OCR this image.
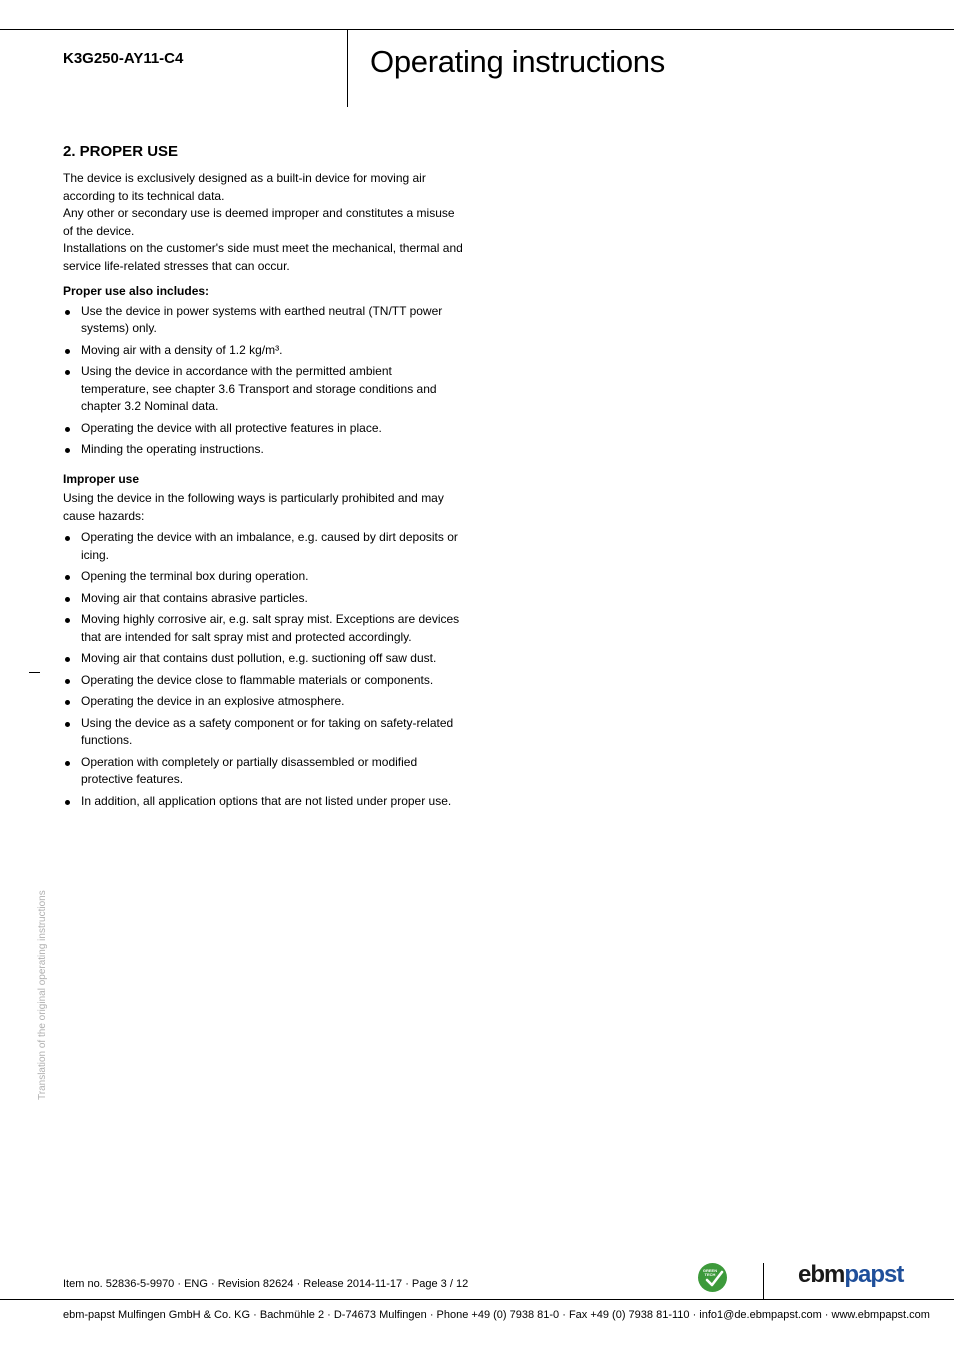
K3G250-AY11-C4	Operating instructions
2. PROPER USE

The device is exclusively designed as a built-in device for moving air according to its technical data.

Any other or secondary use is deemed improper and constitutes a misuse of the device.

Installations on the customer's side must meet the mechanical, thermal and service life-related stresses that can occur.

Proper use also includes:

Use the device in power systems with earthed neutral (TN/TT power systems) only.
Moving air with a density of 1.2 kg/m³.
Using the device in accordance with the permitted ambient temperature, see chapter 3.6 Transport and storage conditions and chapter 3.2 Nominal data.
Operating the device with all protective features in place.
Minding the operating instructions.

Improper use

Using the device in the following ways is particularly prohibited and may cause hazards:

Operating the device with an imbalance, e.g. caused by dirt deposits or icing.
Opening the terminal box during operation.
Moving air that contains abrasive particles.
Moving highly corrosive air, e.g. salt spray mist. Exceptions are devices that are intended for salt spray mist and protected accordingly.
Moving air that contains dust pollution, e.g. suctioning off saw dust.
Operating the device close to flammable materials or components.
Operating the device in an explosive atmosphere.
Using the device as a safety component or for taking on safety-related functions.
Operation with completely or partially disassembled or modified protective features.
In addition, all application options that are not listed under proper use.
Translation of the original operating instructions
Item no. 52836-5-9970 · ENG · Revision 82624 · Release 2014-11-17 · Page 3 / 12
GREEN TECH	ebmpapst
ebm-papst Mulfingen GmbH & Co. KG · Bachmühle 2 · D-74673 Mulfingen · Phone +49 (0) 7938 81-0 · Fax +49 (0) 7938 81-110 · info1@de.ebmpapst.com · www.ebmpapst.com
